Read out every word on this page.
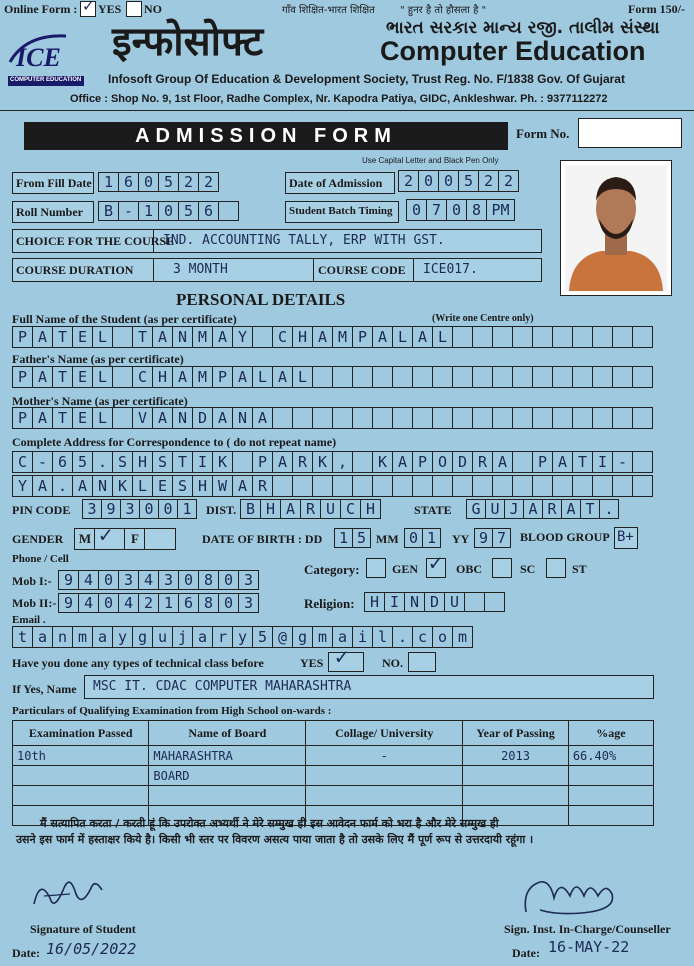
Online Form : ✓ YES NO	गाँव शिक्षित-भारत शिक्षित	" हुनर है तो हौसला है "	Form 150/-
ICE
COMPUTER EDUCATION
इन्फोसोफ्ट	ભારત સરકાર માન્ય રજી. તાલીમ સંસ્થા
Computer Education
Infosoft Group Of Education & Development Society, Trust Reg. No. F/1838 Gov. Of Gujarat
Office : Shop No. 9, 1st Floor, Radhe Complex, Nr. Kapodra Patiya, GIDC, Ankleshwar. Ph. : 9377112272
ADMISSION FORM	Form No.
Use Capital Letter and Black Pen Only
From Fill Date 1 6 0 5 2 2	Date of Admission	2 0 0 5 2 2
Roll Number	B - 1 0 5 6	Student Batch Timing	0 7 0 8 PM
CHOICE FOR THE COURSE
IND. ACCOUNTING TALLY, ERP WITH GST.
COURSE DURATION	3 MONTH	COURSE CODE ICE017.
PERSONAL DETAILS
Full Name of the Student (as per certificate)	(Write one Centre only)
P A T E L	T A N M A Y	C H A M P A L A L
Father's Name (as per certificate)
P A T E L	C H A M P A L A L
Mother's Name (as per certificate)
P A T E L	V A N D A N A
Complete Address for Correspondence to ( do not repeat name)
C - 6 5 . S H S T I K	P A R K ,	K A P O D R A	P A T I -
Y A . A N K L E S H W A R
PIN CODE 3 9 3 0 0 1	DIST. B H A R U C H	STATE G U J A R A T .
GENDER	M ✓	F	DATE OF BIRTH : DD 1 5 MM 0 1	YY 9 7	BLOOD GROUP B+
Phone / Cell
Mob I:- 9 4 0 3 4 3 0 8 0 3
Mob II:- 9 4 0 4 2 1 6 8 0 3
Category:	GEN ✓ OBC	SC	ST
Religion:	H I N D U
Email .
t a n m a y g u j a r y 5 @ g m a i l . c o m
Have you done any types of technical class before	YES ✓	NO.
If Yes, Name MSC IT. CDAC COMPUTER MAHARASHTRA
Particulars of Qualifying Examination from High School on-wards :
Examination Passed	Name of Board	Collage/ University	Year of Passing	%age
10th	MAHARASHTRA	-	2013	66.40%
	BOARD			

मैं सत्यापित करता / करती हूं कि उपरोक्त अभ्यर्थी ने मेरे सम्मुख ही इस आवेदन फार्म को भरा है और मेरे सम्मुख ही
उसने इस फार्म में हस्ताक्षर किये है। किसी भी स्तर पर विवरण असत्य पाया जाता है तो उसके लिए मैं पूर्ण रूप से उत्तरदायी रहूंगा ।
Signature of Student
Date: 16/05/2022
Sign. Inst. In-Charge/Counseller
Date: 16-MAY-22
